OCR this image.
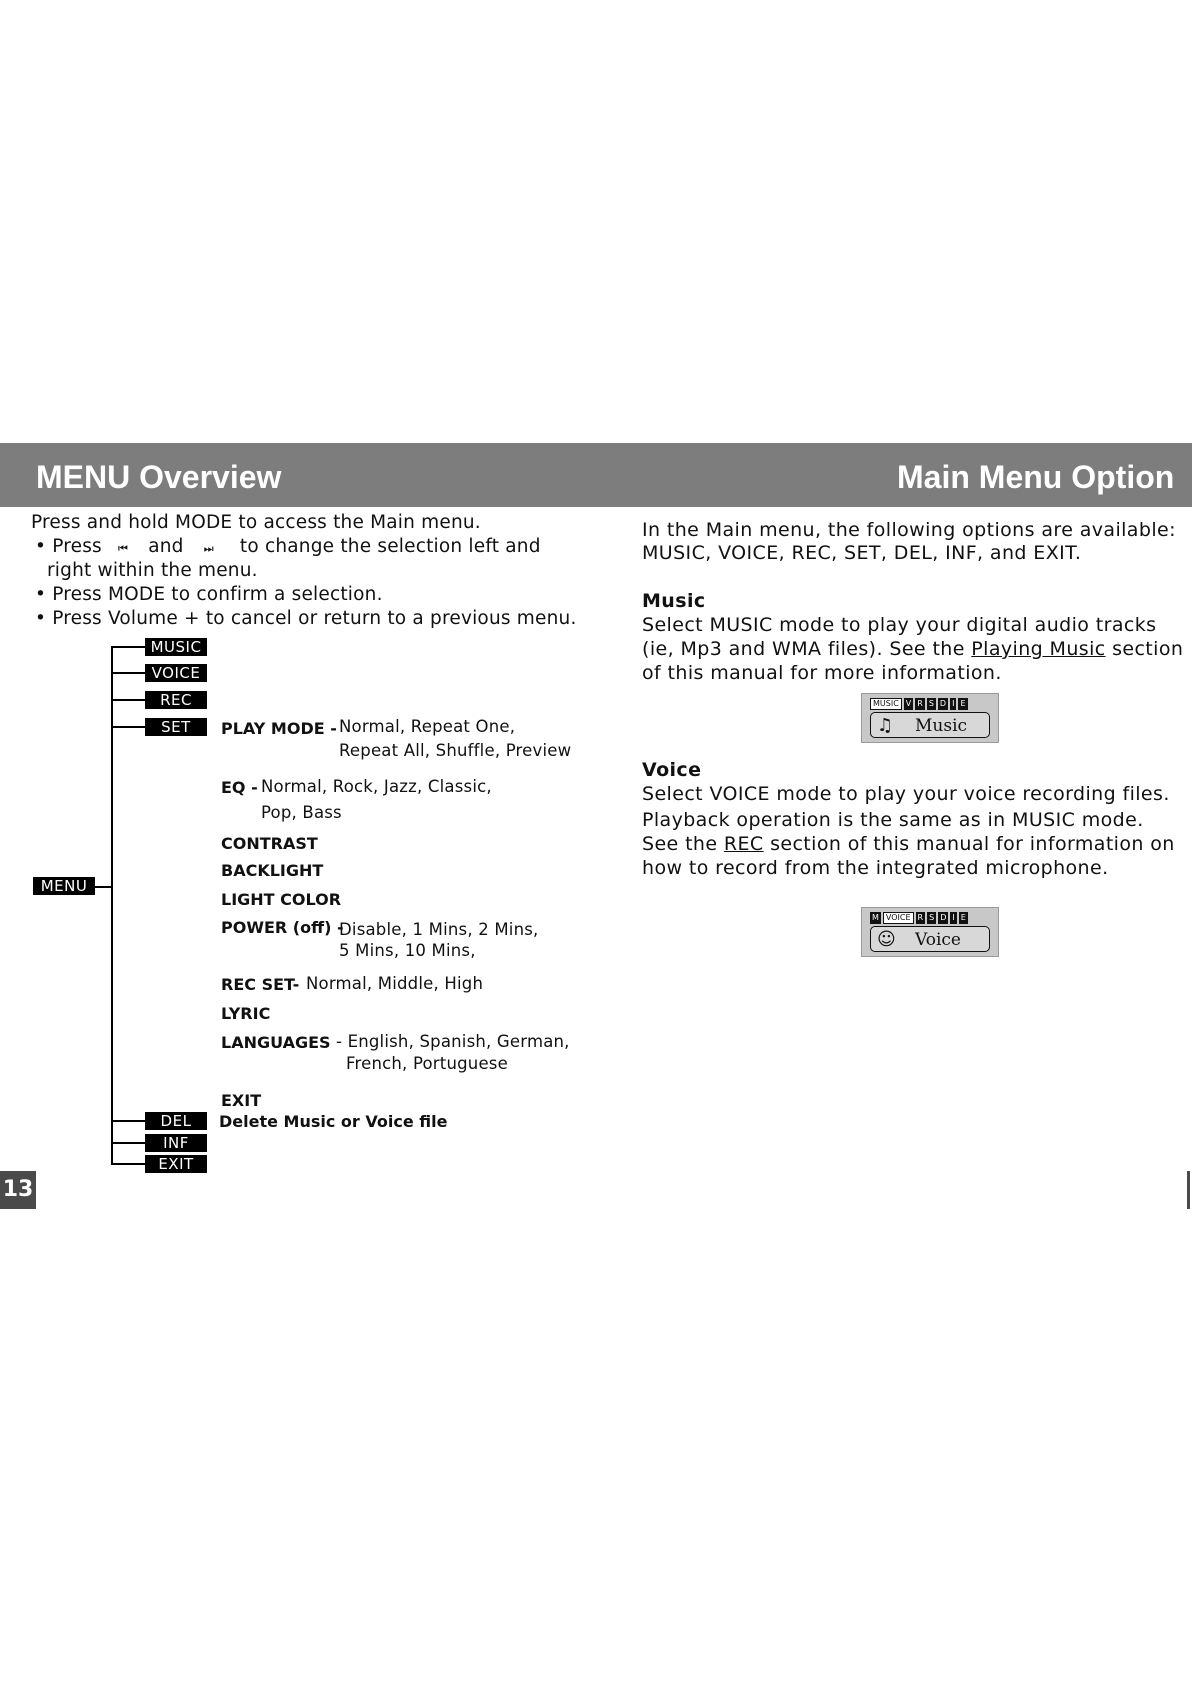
MENU Overview	Main Menu Option
Press and hold MODE to access the Main menu.
• Press ⏮ and ⏭ to change the selection left and
right within the menu.
• Press MODE to confirm a selection.
• Press Volume + to cancel or return to a previous menu.
MENU
MUSIC
VOICE
REC
SET
DEL
INF
EXIT
PLAY MODE - Normal, Repeat One,
Repeat All, Shuffle, Preview
EQ - Normal, Rock, Jazz, Classic,
Pop, Bass
CONTRAST
BACKLIGHT
LIGHT COLOR
POWER (off) -
Disable, 1 Mins, 2 Mins,
5 Mins, 10 Mins,
REC SET- Normal, Middle, High
LYRIC
LANGUAGES - English, Spanish, German,
French, Portuguese
EXIT
Delete Music or Voice file
13
In the Main menu, the following options are available:
MUSIC, VOICE, REC, SET, DEL, INF, and EXIT.
Music
Select MUSIC mode to play your digital audio tracks
(ie, Mp3 and WMA files). See the Playing Music section
of this manual for more information.
MUSIC V R S D I E
♫ Music
Voice
Select VOICE mode to play your voice recording files.
Playback operation is the same as in MUSIC mode.
See the REC section of this manual for information on
how to record from the integrated microphone.
M VOICE R S D I E
☺ Voice
